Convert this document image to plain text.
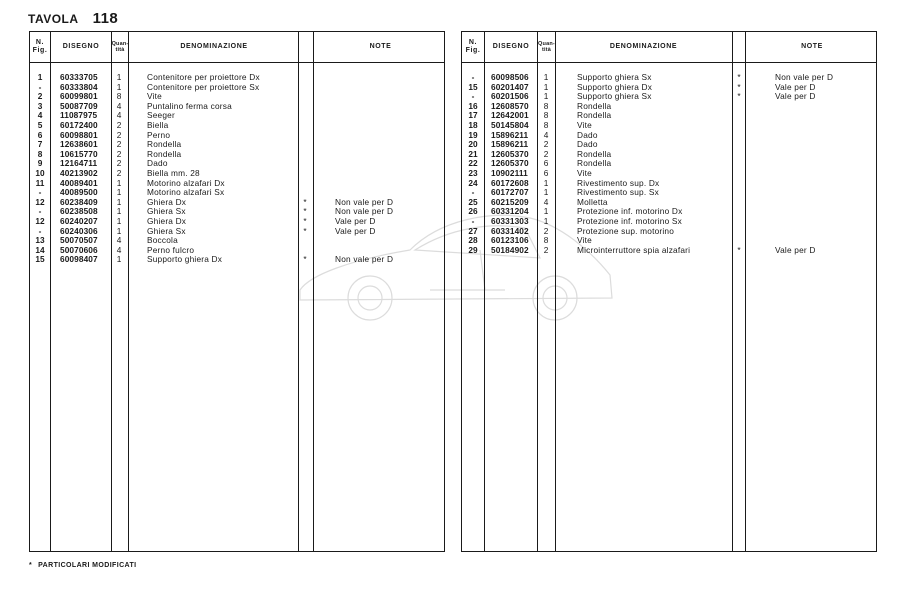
TAVOLA 118
N. Fig.
DISEGNO	Quan- tità	DENOMINAZIONE	NOTE
1	60333705	1	Contenitore per proiettore Dx
-	60333804	1	Contenitore per proiettore Sx
2	60099801	8	Vite
3	50087709	4	Puntalino ferma corsa
4	11087975	4	Seeger
5	60172400	2	Biella
6	60098801	2	Perno
7	12638601	2	Rondella
8	10615770	2	Rondella
9	12164711	2	Dado
10	40213902	2	Biella mm. 28
11	40089401	1	Motorino alzafari Dx
-	40089500	1	Motorino alzafari Sx
12	60238409	1	Ghiera Dx	*	Non vale per D
-	60238508	1	Ghiera Sx	*	Non vale per D
12	60240207	1	Ghiera Dx	*	Vale per D
-	60240306	1	Ghiera Sx	*	Vale per D
13	50070507	4	Boccola
14	50070606	4	Perno fulcro
15	60098407	1	Supporto ghiera Dx	*	Non vale per D
N. Fig.
DISEGNO	Quan- tità	DENOMINAZIONE	NOTE
-	60098506	1	Supporto ghiera Sx	*	Non vale per D
15	60201407	1	Supporto ghiera Dx	*	Vale per D
-	60201506	1	Supporto ghiera Sx	*	Vale per D
16	12608570	8	Rondella
17	12642001	8	Rondella
18	50145804	8	Vite
19	15896211	4	Dado
20	15896211	2	Dado
21	12605370	2	Rondella
22	12605370	6	Rondella
23	10902111	6	Vite
24	60172608	1	Rivestimento sup. Dx
-	60172707	1	Rivestimento sup. Sx
25	60215209	4	Molletta
26	60331204	1	Protezione inf. motorino Dx
-	60331303	1	Protezione inf. motorino Sx
27	60331402	2	Protezione sup. motorino
28	60123106	8	Vite
29	50184902	2	Microinterruttore spia alzafari	*	Vale per D
* PARTICOLARI MODIFICATI
